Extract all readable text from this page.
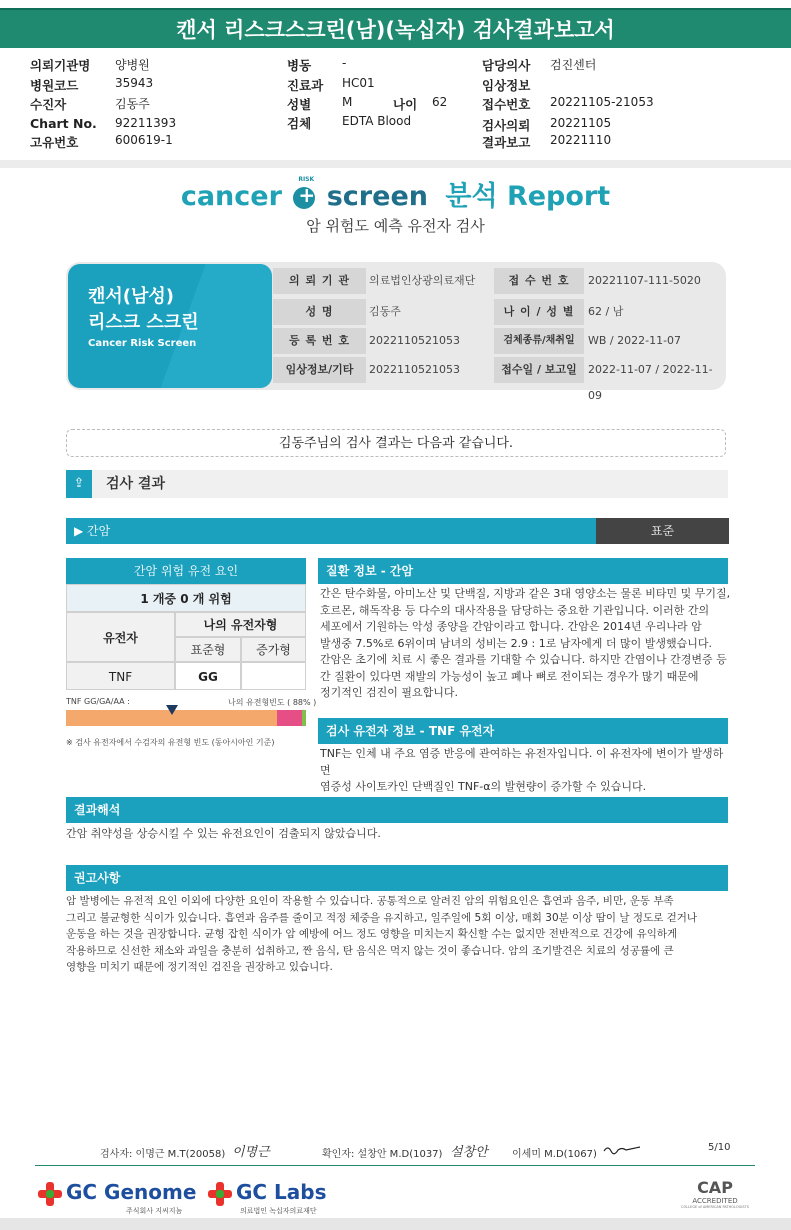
캔서 리스크스크린(남)(녹십자) 검사결과보고서
의뢰기관명 양병원
병원코드	35943
수진자	김동주
Chart No. 92211393
고유번호	600619-1
병동	-
진료과 HC01
성별	M	나이 62
검체	EDTA Blood
담당의사 검진센터
임상정보
접수번호 20221105-21053
검사의뢰 20221105
결과보고 20221110
cancer
RISK
+ screen 분석 Report
암 위험도 예측 유전자 검사
캔서(남성)
리스크 스크린
Cancer Risk Screen
의 뢰 기 관	의료법인상광의료재단	접 수 번 호	20221107-111-5020
성 명	김동주	나 이 / 성 별	62 / 남
등 록 번 호	2022110521053	검체종류/채취일	WB / 2022-11-07
임상정보/기타	2022110521053	접수일 / 보고일	2022-11-07 / 2022-11-09
김동주님의 검사 결과는 다음과 같습니다.
⇪	검사 결과
▶ 간암	표준
간암 위험 유전 요인
1 개중 0 개 위험
유전자
나의 유전자형
표준형	증가형
TNF	GG
TNF GG/GA/AA :	나의 유전형빈도 ( 88% )
※ 검사 유전자에서 수검자의 유전형 빈도 (동아시아인 기준)
질환 정보 - 간암
간은 탄수화물, 아미노산 및 단백질, 지방과 같은 3대 영양소는 물론 비타민 및 무기질,
호르몬, 해독작용 등 다수의 대사작용을 담당하는 중요한 기관입니다. 이러한 간의
세포에서 기원하는 악성 종양을 간암이라고 합니다. 간암은 2014년 우리나라 암
발생중 7.5%로 6위이며 남녀의 성비는 2.9 : 1로 남자에게 더 많이 발생했습니다.
간암은 초기에 치료 시 좋은 결과를 기대할 수 있습니다. 하지만 간염이나 간경변증 등
간 질환이 있다면 재발의 가능성이 높고 폐나 뼈로 전이되는 경우가 많기 때문에
정기적인 검진이 필요합니다.
검사 유전자 정보 - TNF 유전자
TNF는 인체 내 주요 염증 반응에 관여하는 유전자입니다. 이 유전자에 변이가 발생하면
염증성 사이토카인 단백질인 TNF-α의 발현량이 증가할 수 있습니다.
결과해석
간암 취약성을 상승시킬 수 있는 유전요인이 검출되지 않았습니다.
권고사항
암 발병에는 유전적 요인 이외에 다양한 요인이 작용할 수 있습니다. 공통적으로 알려진 암의 위험요인은 흡연과 음주, 비만, 운동 부족
그리고 불균형한 식이가 있습니다. 흡연과 음주를 줄이고 적정 체중을 유지하고, 일주일에 5회 이상, 매회 30분 이상 땀이 날 정도로 걷거나
운동을 하는 것을 권장합니다. 균형 잡힌 식이가 암 예방에 어느 정도 영향을 미치는지 확신할 수는 없지만 전반적으로 건강에 유익하게
작용하므로 신선한 채소와 과일을 충분히 섭취하고, 짠 음식, 탄 음식은 먹지 않는 것이 좋습니다. 암의 조기발견은 치료의 성공률에 큰
영향을 미치기 때문에 정기적인 검진을 권장하고 있습니다.
검사자: 이명근 M.T(20058) 이명근	확인자: 설창안 M.D(1037) 설창안 이세미 M.D(1067)
5/10
GC Genome
주식회사 지씨지놈
GC Labs
의료법인 녹십자의료재단
CAP
ACCREDITED
COLLEGE of AMERICAN PATHOLOGISTS
